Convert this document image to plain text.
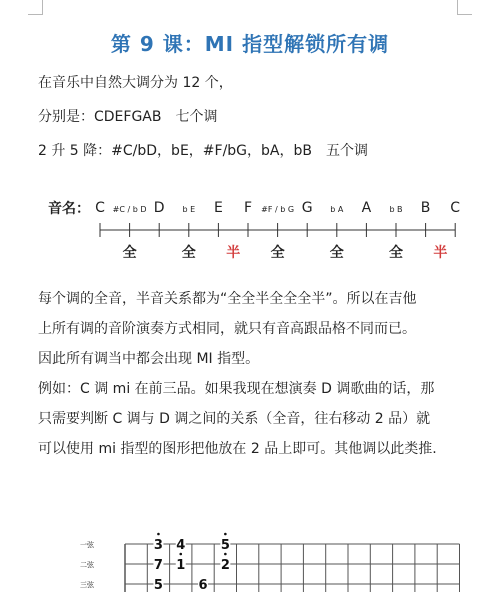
第 9 课：MI 指型解锁所有调
在音乐中自然大调分为 12 个，
分别是：CDEFGAB　七个调
2 升 5 降：#C/bD，bE，#F/bG，bA，bB　五个调
音名： C #C / b D D b E E F #F / b G G b A A b B B C
全	全 半 全	全	全 半
每个调的全音，半音关系都为“全全半全全全半”。所以在吉他
上所有调的音阶演奏方式相同，就只有音高跟品格不同而已。
因此所有调当中都会出现 MI 指型。
例如：C 调 mi 在前三品。如果我现在想演奏 D 调歌曲的话，那
只需要判断 C 调与 D 调之间的关系（全音，往右移动 2 品）就
可以使用 mi 指型的图形把他放在 2 品上即可。其他调以此类推.
一弦
二弦
三弦
3 4	5
7 1	2
5	6
